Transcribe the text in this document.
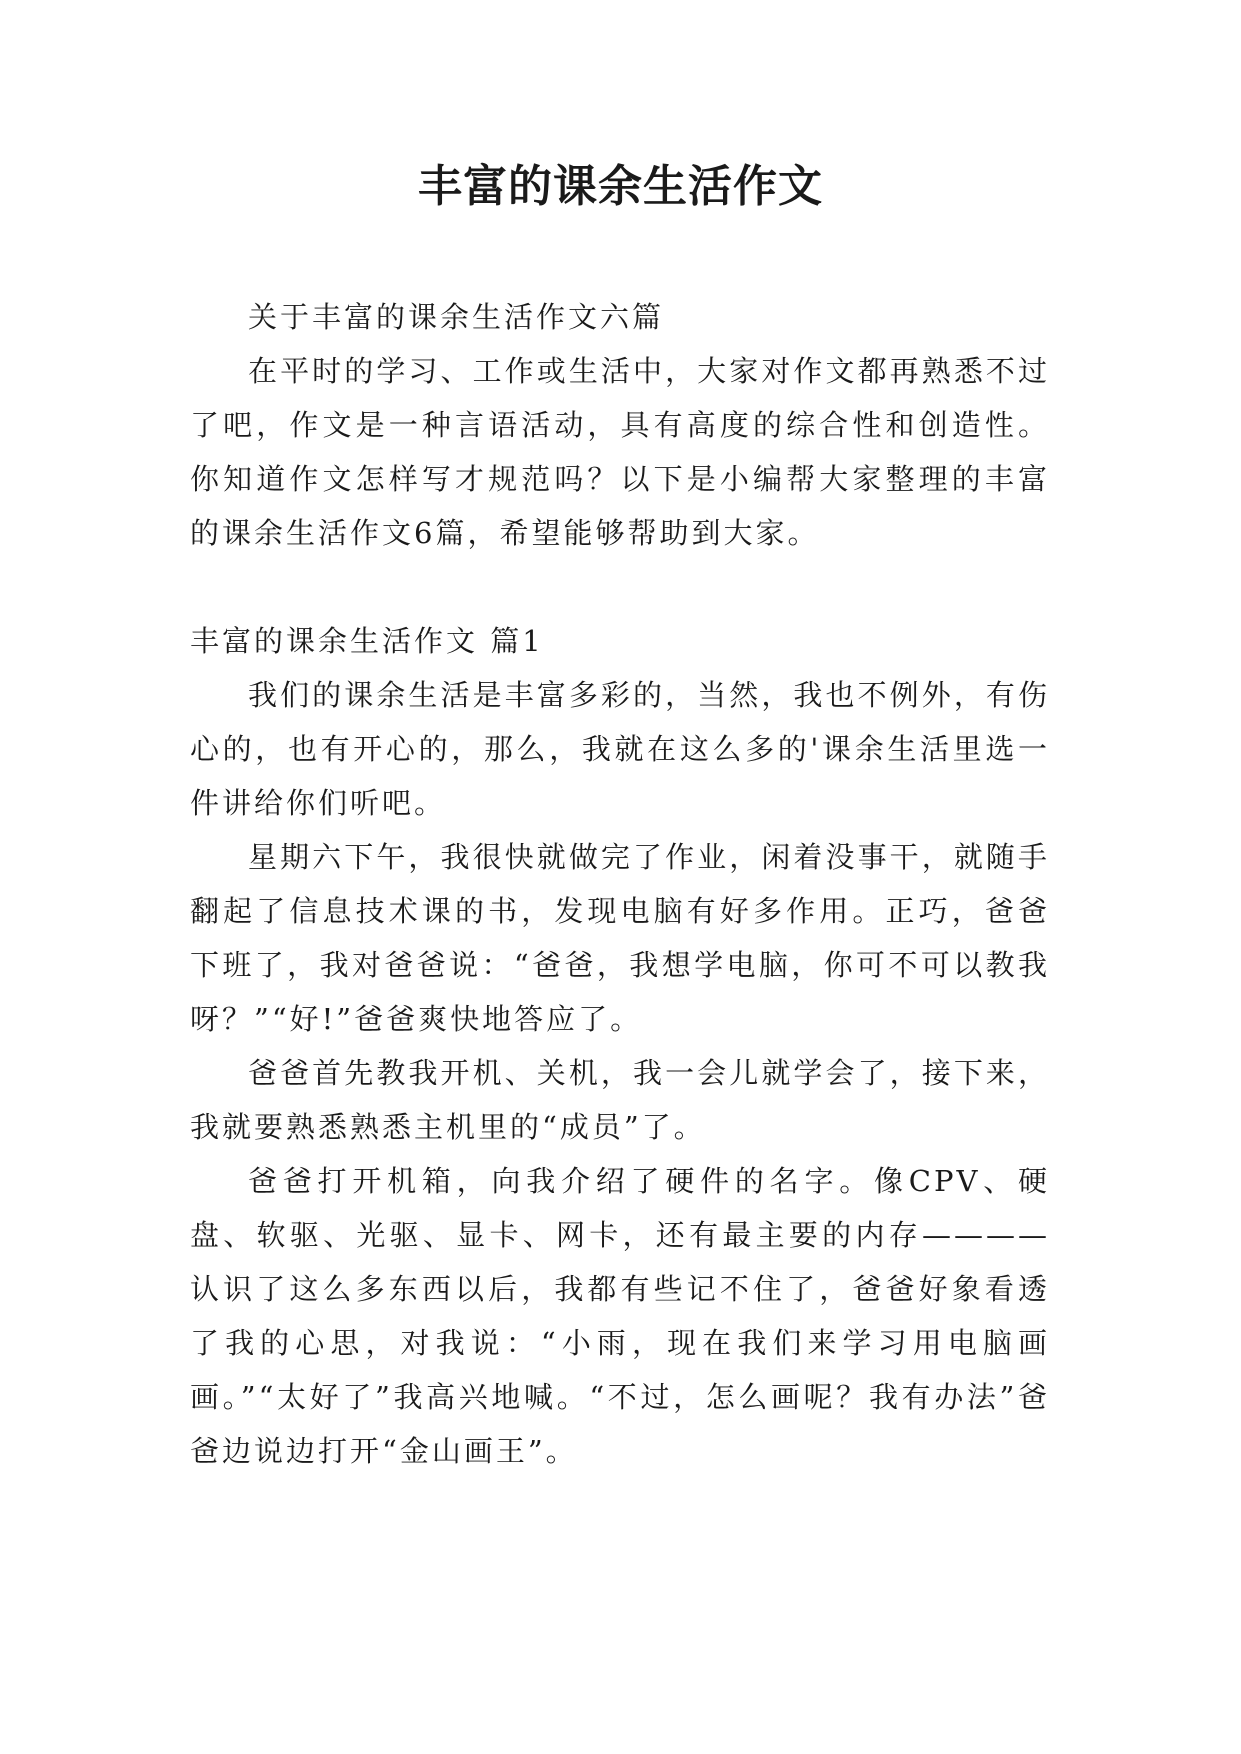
丰富的课余生活作文

关于丰富的课余生活作文六篇

在平时的学习、工作或生活中，大家对作文都再熟悉不过了吧，作文是一种言语活动，具有高度的综合性和创造性。你知道作文怎样写才规范吗？以下是小编帮大家整理的丰富的课余生活作文6篇，希望能够帮助到大家。

丰富的课余生活作文 篇1

我们的课余生活是丰富多彩的，当然，我也不例外，有伤心的，也有开心的，那么，我就在这么多的'课余生活里选一件讲给你们听吧。

星期六下午，我很快就做完了作业，闲着没事干，就随手翻起了信息技术课的书，发现电脑有好多作用。正巧，爸爸下班了，我对爸爸说：“爸爸，我想学电脑，你可不可以教我呀？”“好!”爸爸爽快地答应了。

爸爸首先教我开机、关机，我一会儿就学会了，接下来，我就要熟悉熟悉主机里的“成员”了。

爸爸打开机箱，向我介绍了硬件的名字。像CPV、硬盘、软驱、光驱、显卡、网卡，还有最主要的内存————认识了这么多东西以后，我都有些记不住了，爸爸好象看透了我的心思，对我说：“小雨，现在我们来学习用电脑画画。”“太好了”我高兴地喊。“不过，怎么画呢？我有办法”爸爸边说边打开“金山画王”。
